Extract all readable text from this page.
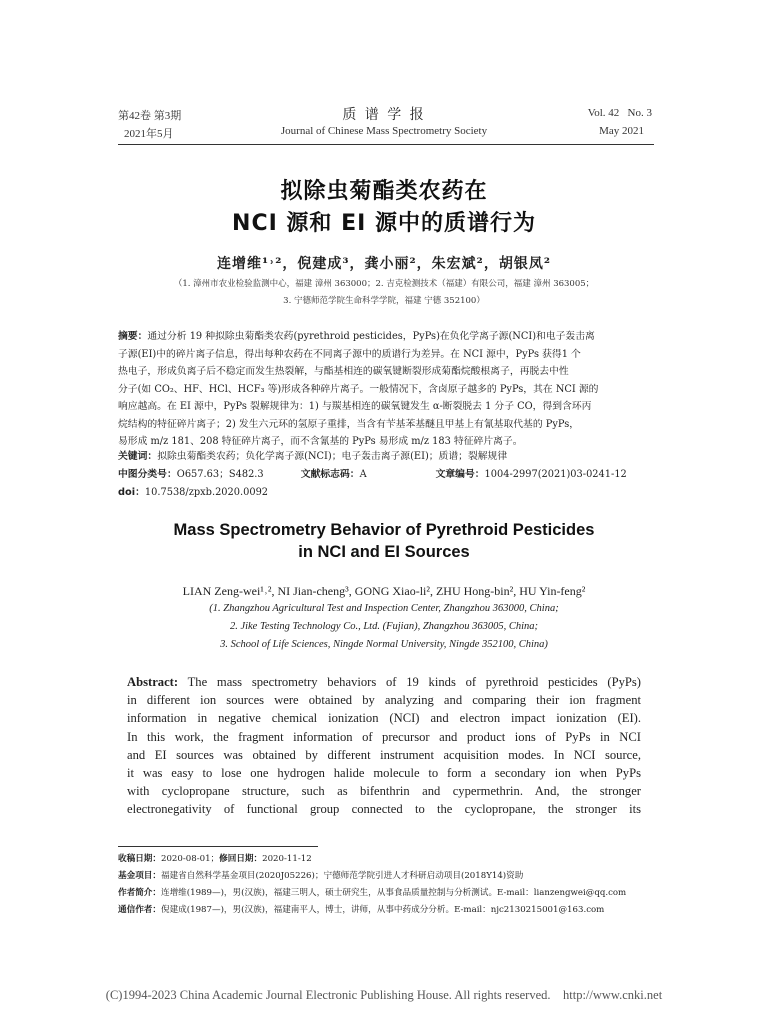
第42卷 第3期
2021年5月
质 谱 学 报
Journal of Chinese Mass Spectrometry Society
Vol. 42   No. 3
May 2021
拟除虫菊酯类农药在
NCI 源和 EI 源中的质谱行为
连增维¹˒²，倪建成³，龚小丽²，朱宏斌²，胡银凤²
（1. 漳州市农业检验监测中心，福建 漳州 363000；2. 吉克检测技术（福建）有限公司，福建 漳州 363005；
3. 宁德师范学院生命科学学院，福建 宁德 352100）
摘要：通过分析 19 种拟除虫菊酯类农药(pyrethroid pesticides，PyPs)在负化学离子源(NCI)和电子轰击离
子源(EI)中的碎片离子信息，得出每种农药在不同离子源中的质谱行为差异。在 NCI 源中，PyPs 获得1 个
热电子，形成负离子后不稳定而发生热裂解，与酯基相连的碳氧键断裂形成菊酯烷酸根离子，再脱去中性
分子(如 CO₂、HF、HCl、HCF₃ 等)形成各种碎片离子。一般情况下，含卤原子越多的 PyPs，其在 NCI 源的
响应越高。在 EI 源中，PyPs 裂解规律为：1) 与羰基相连的碳氧键发生 α-断裂脱去 1 分子 CO，得到含环丙
烷结构的特征碎片离子；2) 发生六元环的氢原子重排，当含有苄基苯基醚且甲基上有氰基取代基的 PyPs，
易形成 m/z 181、208 特征碎片离子，而不含氰基的 PyPs 易形成 m/z 183 特征碎片离子。
关键词：拟除虫菊酯类农药；负化学离子源(NCI)；电子轰击离子源(EI)；质谱；裂解规律
中图分类号：O657.63；S482.3	文献标志码：A	文章编号：1004-2997(2021)03-0241-12
doi：10.7538/zpxb.2020.0092
Mass Spectrometry Behavior of Pyrethroid Pesticides
in NCI and EI Sources
LIAN Zeng-wei¹˒², NI Jian-cheng³, GONG Xiao-li², ZHU Hong-bin², HU Yin-feng²
(1. Zhangzhou Agricultural Test and Inspection Center, Zhangzhou 363000, China;
2. Jike Testing Technology Co., Ltd. (Fujian), Zhangzhou 363005, China;
3. School of Life Sciences, Ningde Normal University, Ningde 352100, China)
Abstract: The mass spectrometry behaviors of 19 kinds of pyrethroid pesticides (PyPs)
in different ion sources were obtained by analyzing and comparing their ion fragment
information in negative chemical ionization (NCI) and electron impact ionization (EI).
In this work, the fragment information of precursor and product ions of PyPs in NCI
and EI sources was obtained by different instrument acquisition modes. In NCI source,
it was easy to lose one hydrogen halide molecule to form a secondary ion when PyPs
with cyclopropane structure, such as bifenthrin and cypermethrin. And, the stronger
electronegativity of functional group connected to the cyclopropane, the stronger its
收稿日期：2020-08-01；修回日期：2020-11-12
基金项目：福建省自然科学基金项目(2020J05226)；宁德师范学院引进人才科研启动项目(2018Y14)资助
作者简介：连增维(1989—)，男(汉族)，福建三明人，硕士研究生，从事食品质量控制与分析测试。E-mail：lianzengwei@qq.com
通信作者：倪建成(1987—)，男(汉族)，福建南平人，博士，讲师，从事中药成分分析。E-mail：njc2130215001@163.com
(C)1994-2023 China Academic Journal Electronic Publishing House. All rights reserved.    http://www.cnki.net
